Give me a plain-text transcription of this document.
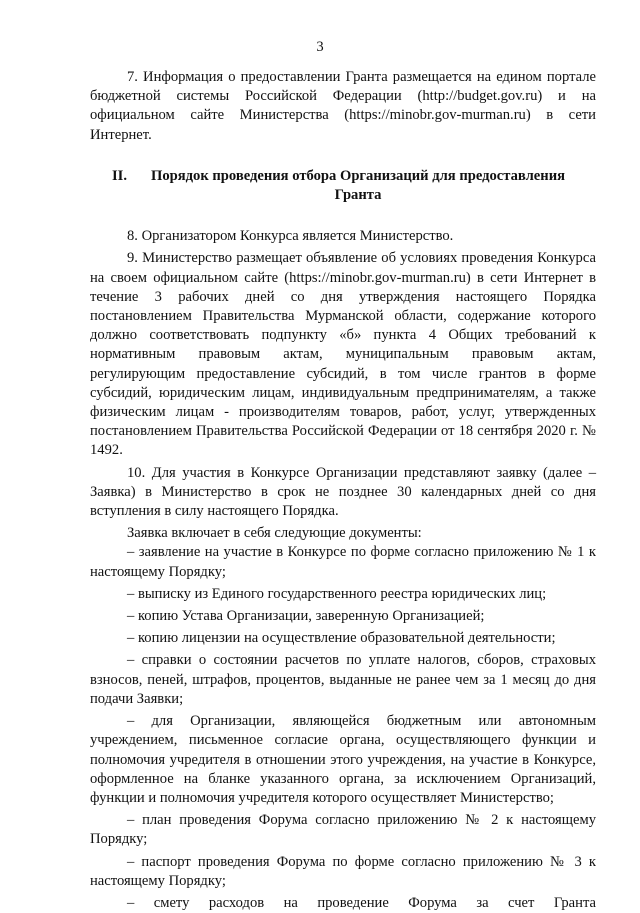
3

7. Информация о предоставлении Гранта размещается на едином портале бюджетной системы Российской Федерации (http://budget.gov.ru) и на официальном сайте Министерства (https://minobr.gov-murman.ru) в сети Интернет.

II. Порядок проведения отбора Организаций для предоставления Гранта

8. Организатором Конкурса является Министерство.

9. Министерство размещает объявление об условиях проведения Конкурса на своем официальном сайте (https://minobr.gov-murman.ru) в сети Интернет в течение 3 рабочих дней со дня утверждения настоящего Порядка постановлением Правительства Мурманской области, содержание которого должно соответствовать подпункту «б» пункта 4 Общих требований к нормативным правовым актам, муниципальным правовым актам, регулирующим предоставление субсидий, в том числе грантов в форме субсидий, юридическим лицам, индивидуальным предпринимателям, а также физическим лицам - производителям товаров, работ, услуг, утвержденных постановлением Правительства Российской Федерации от 18 сентября 2020 г. № 1492.

10. Для участия в Конкурсе Организации представляют заявку (далее – Заявка) в Министерство в срок не позднее 30 календарных дней со дня вступления в силу настоящего Порядка.

Заявка включает в себя следующие документы:

– заявление на участие в Конкурсе по форме согласно приложению № 1 к настоящему Порядку;

– выписку из Единого государственного реестра юридических лиц;

– копию Устава Организации, заверенную Организацией;

– копию лицензии на осуществление образовательной деятельности;

– справки о состоянии расчетов по уплате налогов, сборов, страховых взносов, пеней, штрафов, процентов, выданные не ранее чем за 1 месяц до дня подачи Заявки;

– для Организации, являющейся бюджетным или автономным учреждением, письменное согласие органа, осуществляющего функции и полномочия учредителя в отношении этого учреждения, на участие в Конкурсе, оформленное на бланке указанного органа, за исключением Организаций, функции и полномочия учредителя которого осуществляет Министерство;

– план проведения Форума согласно приложению № 2 к настоящему Порядку;

– паспорт проведения Форума по форме согласно приложению № 3 к настоящему Порядку;

– смету расходов на проведение Форума за счет Гранта
